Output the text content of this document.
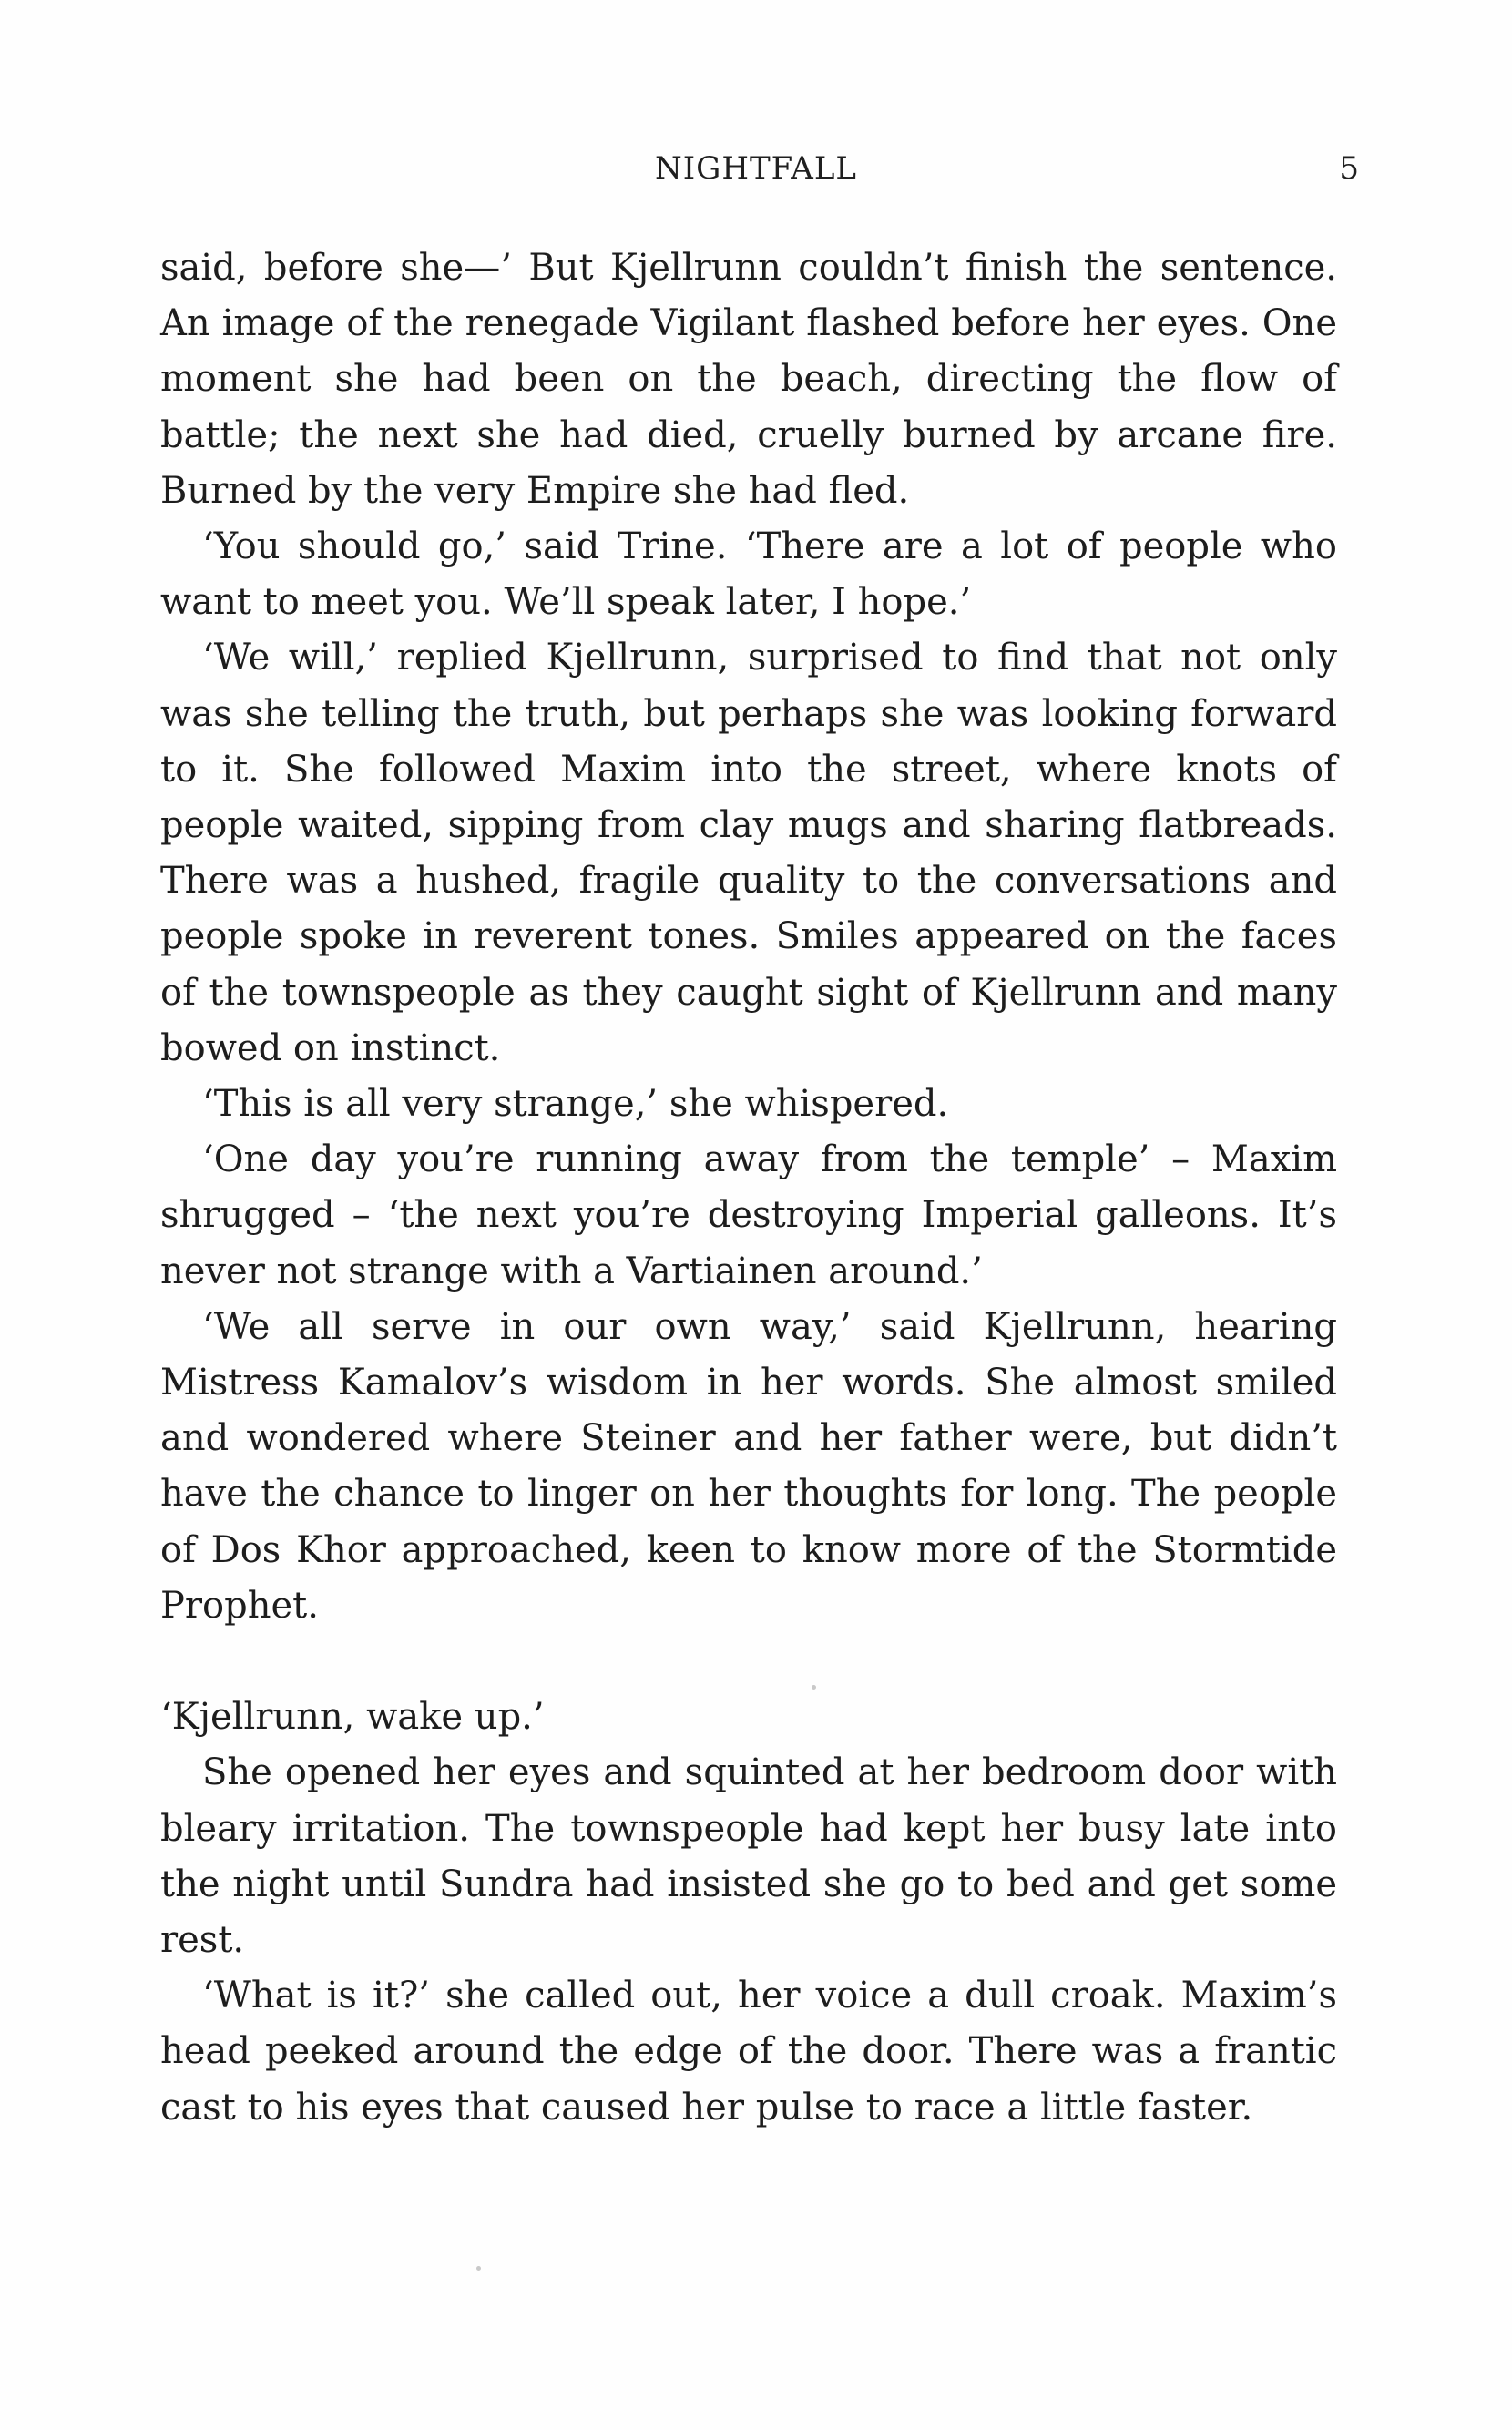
NIGHTFALL	5

said, before she—’ But Kjellrunn couldn’t finish the sentence. An image of the renegade Vigilant flashed before her eyes. One moment she had been on the beach, directing the flow of battle; the next she had died, cruelly burned by arcane fire. Burned by the very Empire she had fled.

‘You should go,’ said Trine. ‘There are a lot of people who want to meet you. We’ll speak later, I hope.’

‘We will,’ replied Kjellrunn, surprised to find that not only was she telling the truth, but perhaps she was looking forward to it. She followed Maxim into the street, where knots of people waited, sipping from clay mugs and sharing flatbreads. There was a hushed, fragile quality to the conversations and people spoke in reverent tones. Smiles appeared on the faces of the townspeople as they caught sight of Kjellrunn and many bowed on instinct.

‘This is all very strange,’ she whispered.

‘One day you’re running away from the temple’ – Maxim shrugged – ‘the next you’re destroying Imperial galleons. It’s never not strange with a Vartiainen around.’

‘We all serve in our own way,’ said Kjellrunn, hearing Mistress Kamalov’s wisdom in her words. She almost smiled and wondered where Steiner and her father were, but didn’t have the chance to linger on her thoughts for long. The people of Dos Khor approached, keen to know more of the Stormtide Prophet.

‘Kjellrunn, wake up.’

She opened her eyes and squinted at her bedroom door with bleary irritation. The townspeople had kept her busy late into the night until Sundra had insisted she go to bed and get some rest.

‘What is it?’ she called out, her voice a dull croak. Maxim’s head peeked around the edge of the door. There was a frantic cast to his eyes that caused her pulse to race a little faster.
